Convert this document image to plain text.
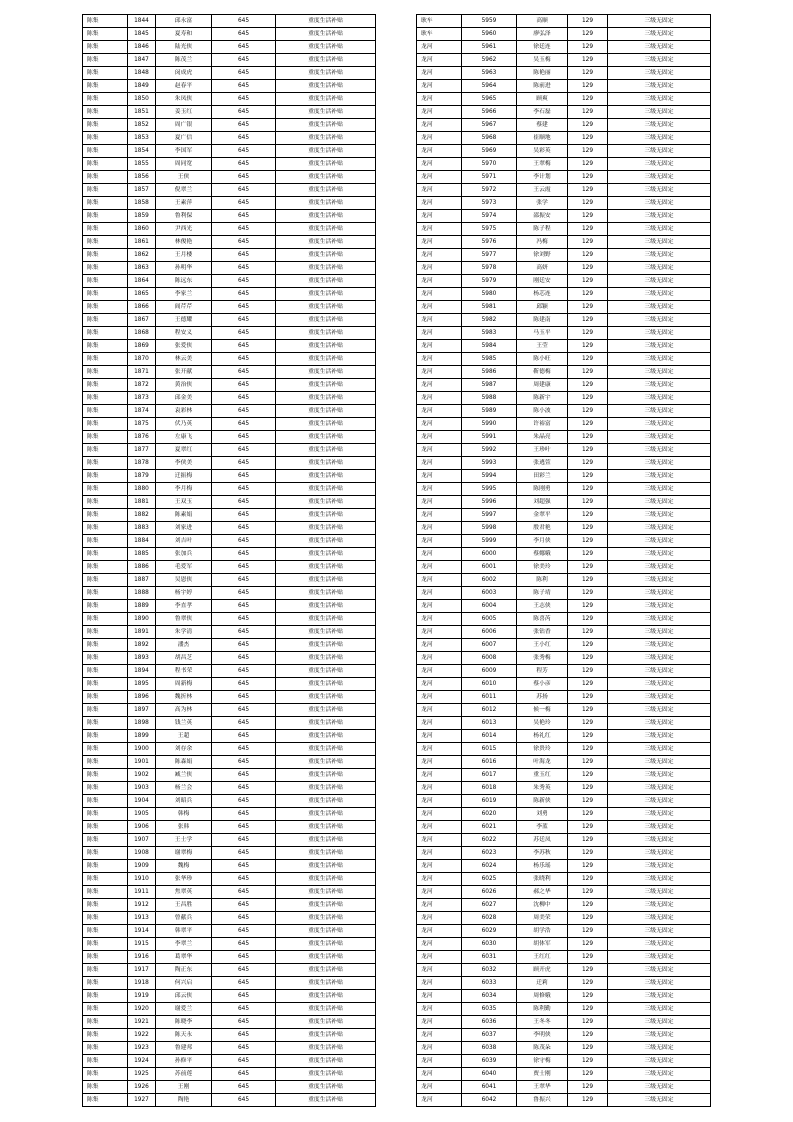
陈集	1844	邱永富	645	重度生活补贴
陈集	1845	夏寿和	645	重度生活补贴
陈集	1846	陆光侠	645	重度生活补贴
陈集	1847	陈茂兰	645	重度生活补贴
陈集	1848	闵成虎	645	重度生活补贴
陈集	1849	赵春平	645	重度生活补贴
陈集	1850	朱凤侠	645	重度生活补贴
陈集	1851	姜玉红	645	重度生活补贴
陈集	1852	周广银	645	重度生活补贴
陈集	1853	夏广信	645	重度生活补贴
陈集	1854	李国军	645	重度生活补贴
陈集	1855	周同宽	645	重度生活补贴
陈集	1856	王侠	645	重度生活补贴
陈集	1857	倪翠兰	645	重度生活补贴
陈集	1858	王素萍	645	重度生活补贴
陈集	1859	鲁利保	645	重度生活补贴
陈集	1860	尹西光	645	重度生活补贴
陈集	1861	林俊艳	645	重度生活补贴
陈集	1862	王月楼	645	重度生活补贴
陈集	1863	孙明华	645	重度生活补贴
陈集	1864	陈远东	645	重度生活补贴
陈集	1865	李家兰	645	重度生活补贴
陈集	1866	阎芹芹	645	重度生活补贴
陈集	1867	王德耀	645	重度生活补贴
陈集	1868	程安义	645	重度生活补贴
陈集	1869	张爱侠	645	重度生活补贴
陈集	1870	林云美	645	重度生活补贴
陈集	1871	张开献	645	重度生活补贴
陈集	1872	黄治侠	645	重度生活补贴
陈集	1873	邱金美	645	重度生活补贴
陈集	1874	袁彩林	645	重度生活补贴
陈集	1875	伏乃英	645	重度生活补贴
陈集	1876	左康飞	645	重度生活补贴
陈集	1877	夏翠红	645	重度生活补贴
陈集	1878	李侠美	645	重度生活补贴
陈集	1879	迁振梅	645	重度生活补贴
陈集	1880	李月梅	645	重度生活补贴
陈集	1881	王双玉	645	重度生活补贴
陈集	1882	陈素娟	645	重度生活补贴
陈集	1883	刘家进	645	重度生活补贴
陈集	1884	刘吉叶	645	重度生活补贴
陈集	1885	张加兵	645	重度生活补贴
陈集	1886	毛爱军	645	重度生活补贴
陈集	1887	吴恩侠	645	重度生活补贴
陈集	1888	杨宇婷	645	重度生活补贴
陈集	1889	李直孝	645	重度生活补贴
陈集	1890	鲁翠侠	645	重度生活补贴
陈集	1891	朱学清	645	重度生活补贴
陈集	1892	潘杰	645	重度生活补贴
陈集	1893	胡昌芝	645	重度生活补贴
陈集	1894	程书荣	645	重度生活补贴
陈集	1895	周新梅	645	重度生活补贴
陈集	1896	魏折林	645	重度生活补贴
陈集	1897	高为林	645	重度生活补贴
陈集	1898	钱兰英	645	重度生活补贴
陈集	1899	王超	645	重度生活补贴
陈集	1900	刘存余	645	重度生活补贴
陈集	1901	陈森娟	645	重度生活补贴
陈集	1902	臧兰侠	645	重度生活补贴
陈集	1903	杨兰会	645	重度生活补贴
陈集	1904	刘昭兵	645	重度生活补贴
陈集	1905	韩梅	645	重度生活补贴
陈集	1906	张韩	645	重度生活补贴
陈集	1907	王士学	645	重度生活补贴
陈集	1908	谢翠梅	645	重度生活补贴
陈集	1909	魏梅	645	重度生活补贴
陈集	1910	张华珍	645	重度生活补贴
陈集	1911	焦翠英	645	重度生活补贴
陈集	1912	王昌胜	645	重度生活补贴
陈集	1913	曾献兵	645	重度生活补贴
陈集	1914	韩翠平	645	重度生活补贴
陈集	1915	李翠兰	645	重度生活补贴
陈集	1916	葛翠华	645	重度生活补贴
陈集	1917	陶正东	645	重度生活补贴
陈集	1918	何兴启	645	重度生活补贴
陈集	1919	邱云侠	645	重度生活补贴
陈集	1920	谢爱兰	645	重度生活补贴
陈集	1921	陈晓李	645	重度生活补贴
陈集	1922	陈天永	645	重度生活补贴
陈集	1923	鲁建邦	645	重度生活补贴
陈集	1924	孙修平	645	重度生活补贴
陈集	1925	苏前莲	645	重度生活补贴
陈集	1926	王刚	645	重度生活补贴
陈集	1927	陶艳	645	重度生活补贴
耿车	5959	高顺	129	三级无固定
耿车	5960	廖弘泽	129	三级无固定
龙河	5961	徐廷连	129	三级无固定
龙河	5962	吴玉梅	129	三级无固定
龙河	5963	陈艳丽	129	三级无固定
龙河	5964	陈前进	129	三级无固定
龙河	5965	顾爽	129	三级无固定
龙河	5966	李石磊	129	三级无固定
龙河	5967	蔡建	129	三级无固定
龙河	5968	崔顺地	129	三级无固定
龙河	5969	吴彩英	129	三级无固定
龙河	5970	王翠梅	129	三级无固定
龙河	5971	李计划	129	三级无固定
龙河	5972	王云霞	129	三级无固定
龙河	5973	张学	129	三级无固定
龙河	5974	邵振安	129	三级无固定
龙河	5975	陈子程	129	三级无固定
龙河	5976	冯梅	129	三级无固定
龙河	5977	徐刘野	129	三级无固定
龙河	5978	高妍	129	三级无固定
龙河	5979	刚廷安	129	三级无固定
龙河	5980	杨芯连	129	三级无固定
龙河	5981	邱颖	129	三级无固定
龙河	5982	陈建南	129	三级无固定
龙河	5983	马玉平	129	三级无固定
龙河	5984	王莹	129	三级无固定
龙河	5985	陈小旺	129	三级无固定
龙河	5986	靳德梅	129	三级无固定
龙河	5987	周建康	129	三级无固定
龙河	5988	陈新宇	129	三级无固定
龙河	5989	陈小波	129	三级无固定
龙河	5990	许裕富	129	三级无固定
龙河	5991	朱晶亮	129	三级无固定
龙河	5992	王珍叶	129	三级无固定
龙河	5993	张逃萱	129	三级无固定
龙河	5994	田彩兰	129	三级无固定
龙河	5995	陈刚勇	129	三级无固定
龙河	5996	刘超强	129	三级无固定
龙河	5997	金翠平	129	三级无固定
龙河	5998	殷君艳	129	三级无固定
龙河	5999	李月侠	129	三级无固定
龙河	6000	蔡娜娥	129	三级无固定
龙河	6001	徐美玲	129	三级无固定
龙河	6002	陈利	129	三级无固定
龙河	6003	陈子靖	129	三级无固定
龙河	6004	王志侠	129	三级无固定
龙河	6005	陈喜芮	129	三级无固定
龙河	6006	张钻香	129	三级无固定
龙河	6007	王小红	129	三级无固定
龙河	6008	张秀梅	129	三级无固定
龙河	6009	程芳	129	三级无固定
龙河	6010	蔡小彦	129	三级无固定
龙河	6011	苏扬	129	三级无固定
龙河	6012	候一梅	129	三级无固定
龙河	6013	吴艳玲	129	三级无固定
龙河	6014	杨礼红	129	三级无固定
龙河	6015	徐贵玲	129	三级无固定
龙河	6016	叶海龙	129	三级无固定
龙河	6017	重玉红	129	三级无固定
龙河	6018	朱秀英	129	三级无固定
龙河	6019	陈新侠	129	三级无固定
龙河	6020	刘勇	129	三级无固定
龙河	6021	李蓝	129	三级无固定
龙河	6022	苏廷凤	129	三级无固定
龙河	6023	李苏秋	129	三级无固定
龙河	6024	杨乐瑶	129	三级无固定
龙河	6025	张晓利	129	三级无固定
龙河	6026	郝之华	129	三级无固定
龙河	6027	沈柳中	129	三级无固定
龙河	6028	周美荣	129	三级无固定
龙河	6029	胡学浩	129	三级无固定
龙河	6030	胡体军	129	三级无固定
龙河	6031	王红红	129	三级无固定
龙河	6032	顾开虎	129	三级无固定
龙河	6033	迁莉	129	三级无固定
龙河	6034	周修娥	129	三级无固定
龙河	6035	陈利勤	129	三级无固定
龙河	6036	王冬冬	129	三级无固定
龙河	6037	李明侠	129	三级无固定
龙河	6038	陈茂朵	129	三级无固定
龙河	6039	徐守梅	129	三级无固定
龙河	6040	贾士刚	129	三级无固定
龙河	6041	王翠华	129	三级无固定
龙河	6042	鲁振兴	129	三级无固定
